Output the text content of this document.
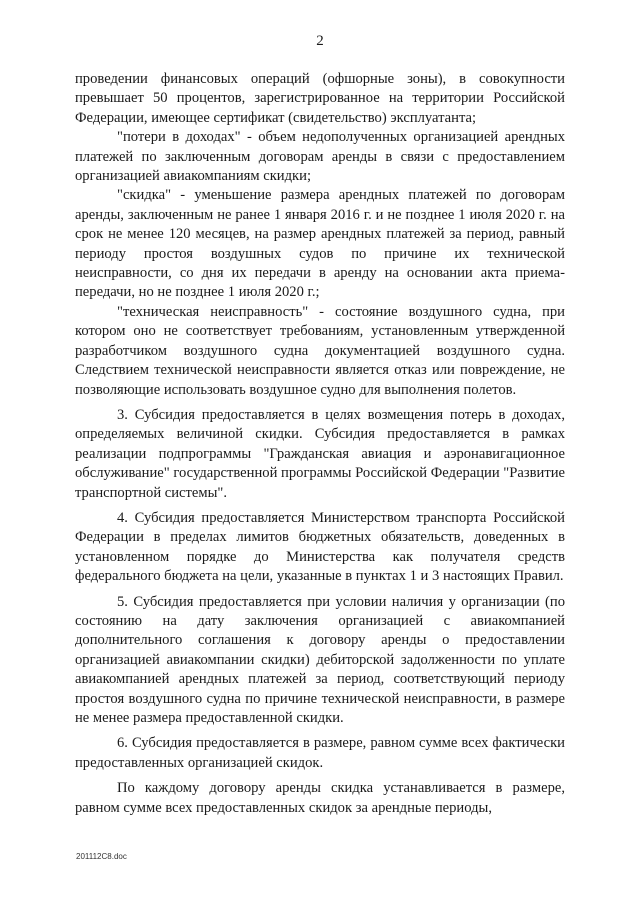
2

проведении финансовых операций (офшорные зоны), в совокупности превышает 50 процентов, зарегистрированное на территории Российской Федерации, имеющее сертификат (свидетельство) эксплуатанта;

"потери в доходах" - объем недополученных организацией арендных платежей по заключенным договорам аренды в связи с предоставлением организацией авиакомпаниям скидки;

"скидка" - уменьшение размера арендных платежей по договорам аренды, заключенным не ранее 1 января 2016 г. и не позднее 1 июля 2020 г. на срок не менее 120 месяцев, на размер арендных платежей за период, равный периоду простоя воздушных судов по причине их технической неисправности, со дня их передачи в аренду на основании акта приема-передачи, но не позднее 1 июля 2020 г.;

"техническая неисправность" - состояние воздушного судна, при котором оно не соответствует требованиям, установленным утвержденной разработчиком воздушного судна документацией воздушного судна. Следствием технической неисправности является отказ или повреждение, не позволяющие использовать воздушное судно для выполнения полетов.

3. Субсидия предоставляется в целях возмещения потерь в доходах, определяемых величиной скидки. Субсидия предоставляется в рамках реализации подпрограммы "Гражданская авиация и аэронавигационное обслуживание" государственной программы Российской Федерации "Развитие транспортной системы".

4. Субсидия предоставляется Министерством транспорта Российской Федерации в пределах лимитов бюджетных обязательств, доведенных в установленном порядке до Министерства как получателя средств федерального бюджета на цели, указанные в пунктах 1 и 3 настоящих Правил.

5. Субсидия предоставляется при условии наличия у организации (по состоянию на дату заключения организацией с авиакомпанией дополнительного соглашения к договору аренды о предоставлении организацией авиакомпании скидки) дебиторской задолженности по уплате авиакомпанией арендных платежей за период, соответствующий периоду простоя воздушного судна по причине технической неисправности, в размере не менее размера предоставленной скидки.

6. Субсидия предоставляется в размере, равном сумме всех фактически предоставленных организацией скидок.

По каждому договору аренды скидка устанавливается в размере, равном сумме всех предоставленных скидок за арендные периоды,

201112C8.doc
